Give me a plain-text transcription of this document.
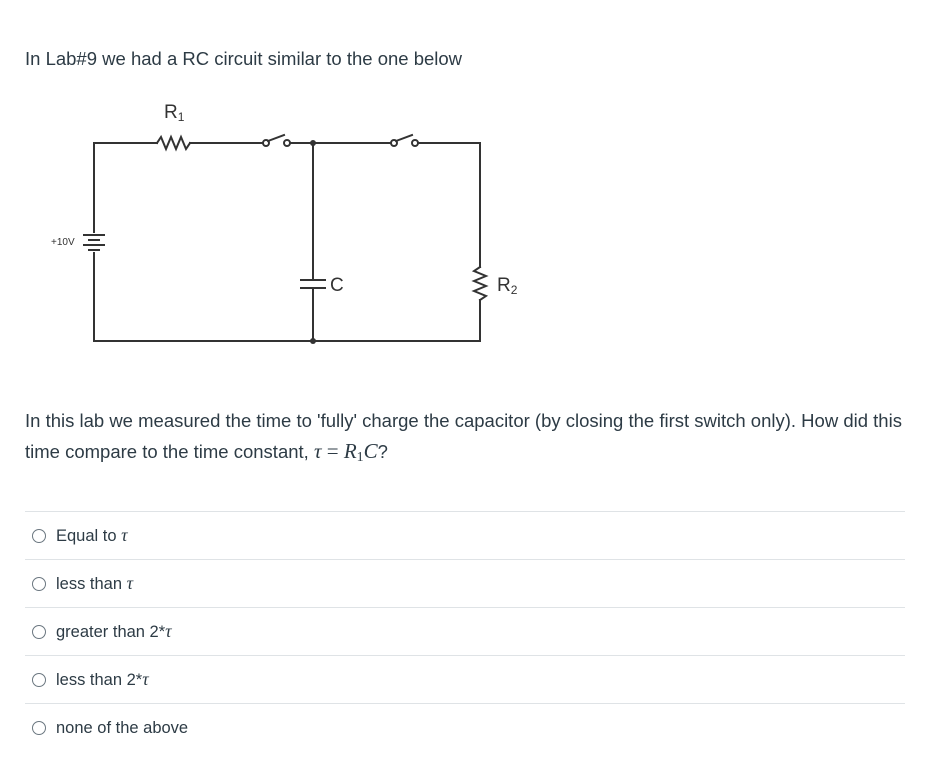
In Lab#9 we had a RC circuit similar to the one below
R1
+10V
C	R2
In this lab we measured the time to 'fully' charge the capacitor (by closing the first switch only). How did this time compare to the time constant, $\tau = R_1C$?
Equal to τ
less than τ
greater than 2*τ
less than 2*τ
none of the above
